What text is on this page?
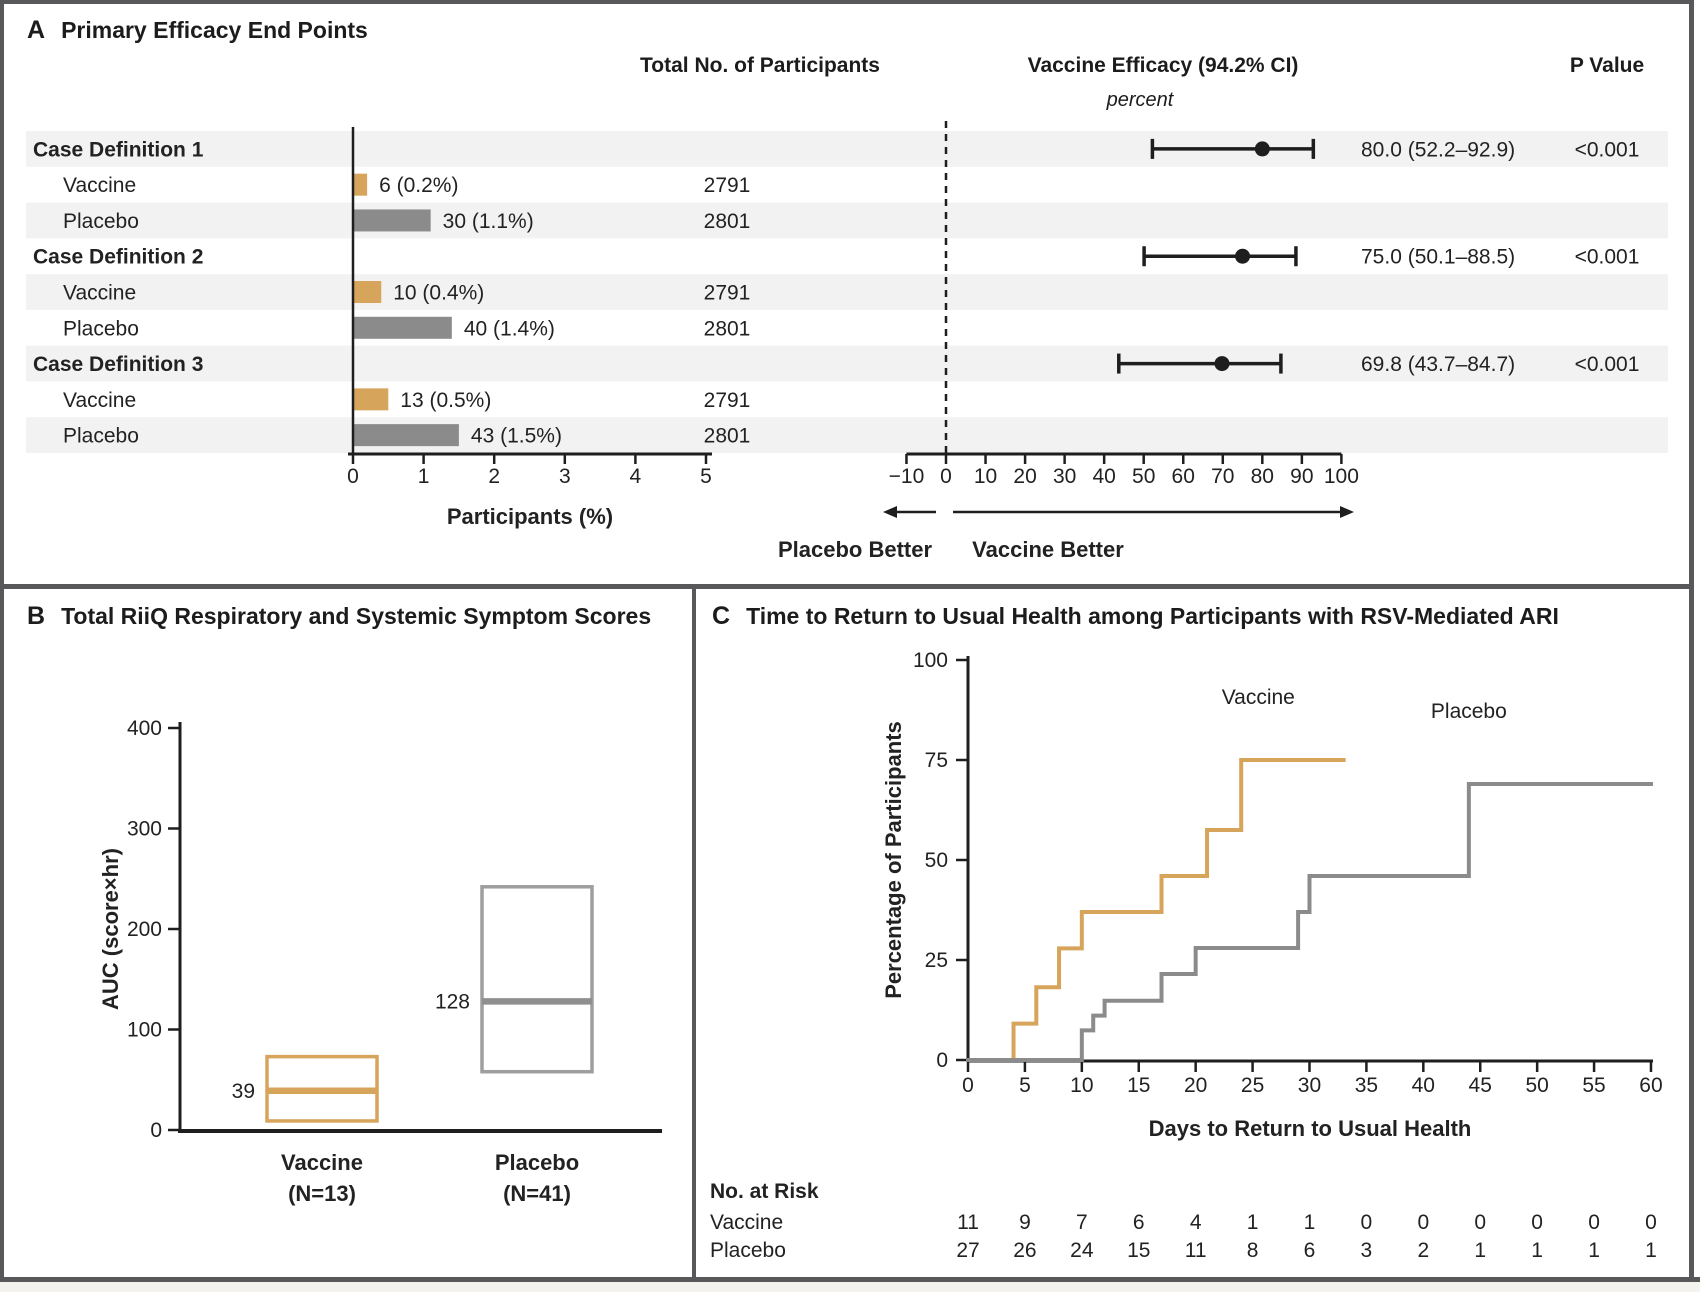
A Primary Efficacy End Points
Total No. of Participants	Vaccine Efficacy (94.2% CI)
percent
P Value
B Total RiiQ Respiratory and Systemic Symptom Scores C Time to Return to Usual Health among Participants with RSV-Mediated ARI
Case Definition 1	80.0 (52.2–92.9)	<0.001
Vaccine	6 (0.2%)	2791
Placebo	30 (1.1%)	2801
Case Definition 2	75.0 (50.1–88.5)	<0.001
Vaccine	10 (0.4%)	2791
Placebo	40 (1.4%)	2801
Case Definition 3	69.8 (43.7–84.7)	<0.001
Vaccine	13 (0.5%)	2791
Placebo	43 (1.5%)	2801
0	1	2	3	4	5
Participants (%)
−10 0 10 20 30 40 50 60 70 80 90 100
Placebo Better Vaccine Better
0
100
200
300
400
AUC (score×hr)
39
Vaccine
(N=13)
128
Placebo
(N=41)
0
25
50
75
100
0 5 10 15 20 25 30 35 40 45 50 55 60
Days to Return to Usual Health
Percentage of Participants
Vaccine
Placebo
No. at Risk
Vaccine	11 9 7 6 4 1 1 0 0 0 0 0 0
Placebo	27 26 24 15 11 8 6 3 2 1 1 1 1
